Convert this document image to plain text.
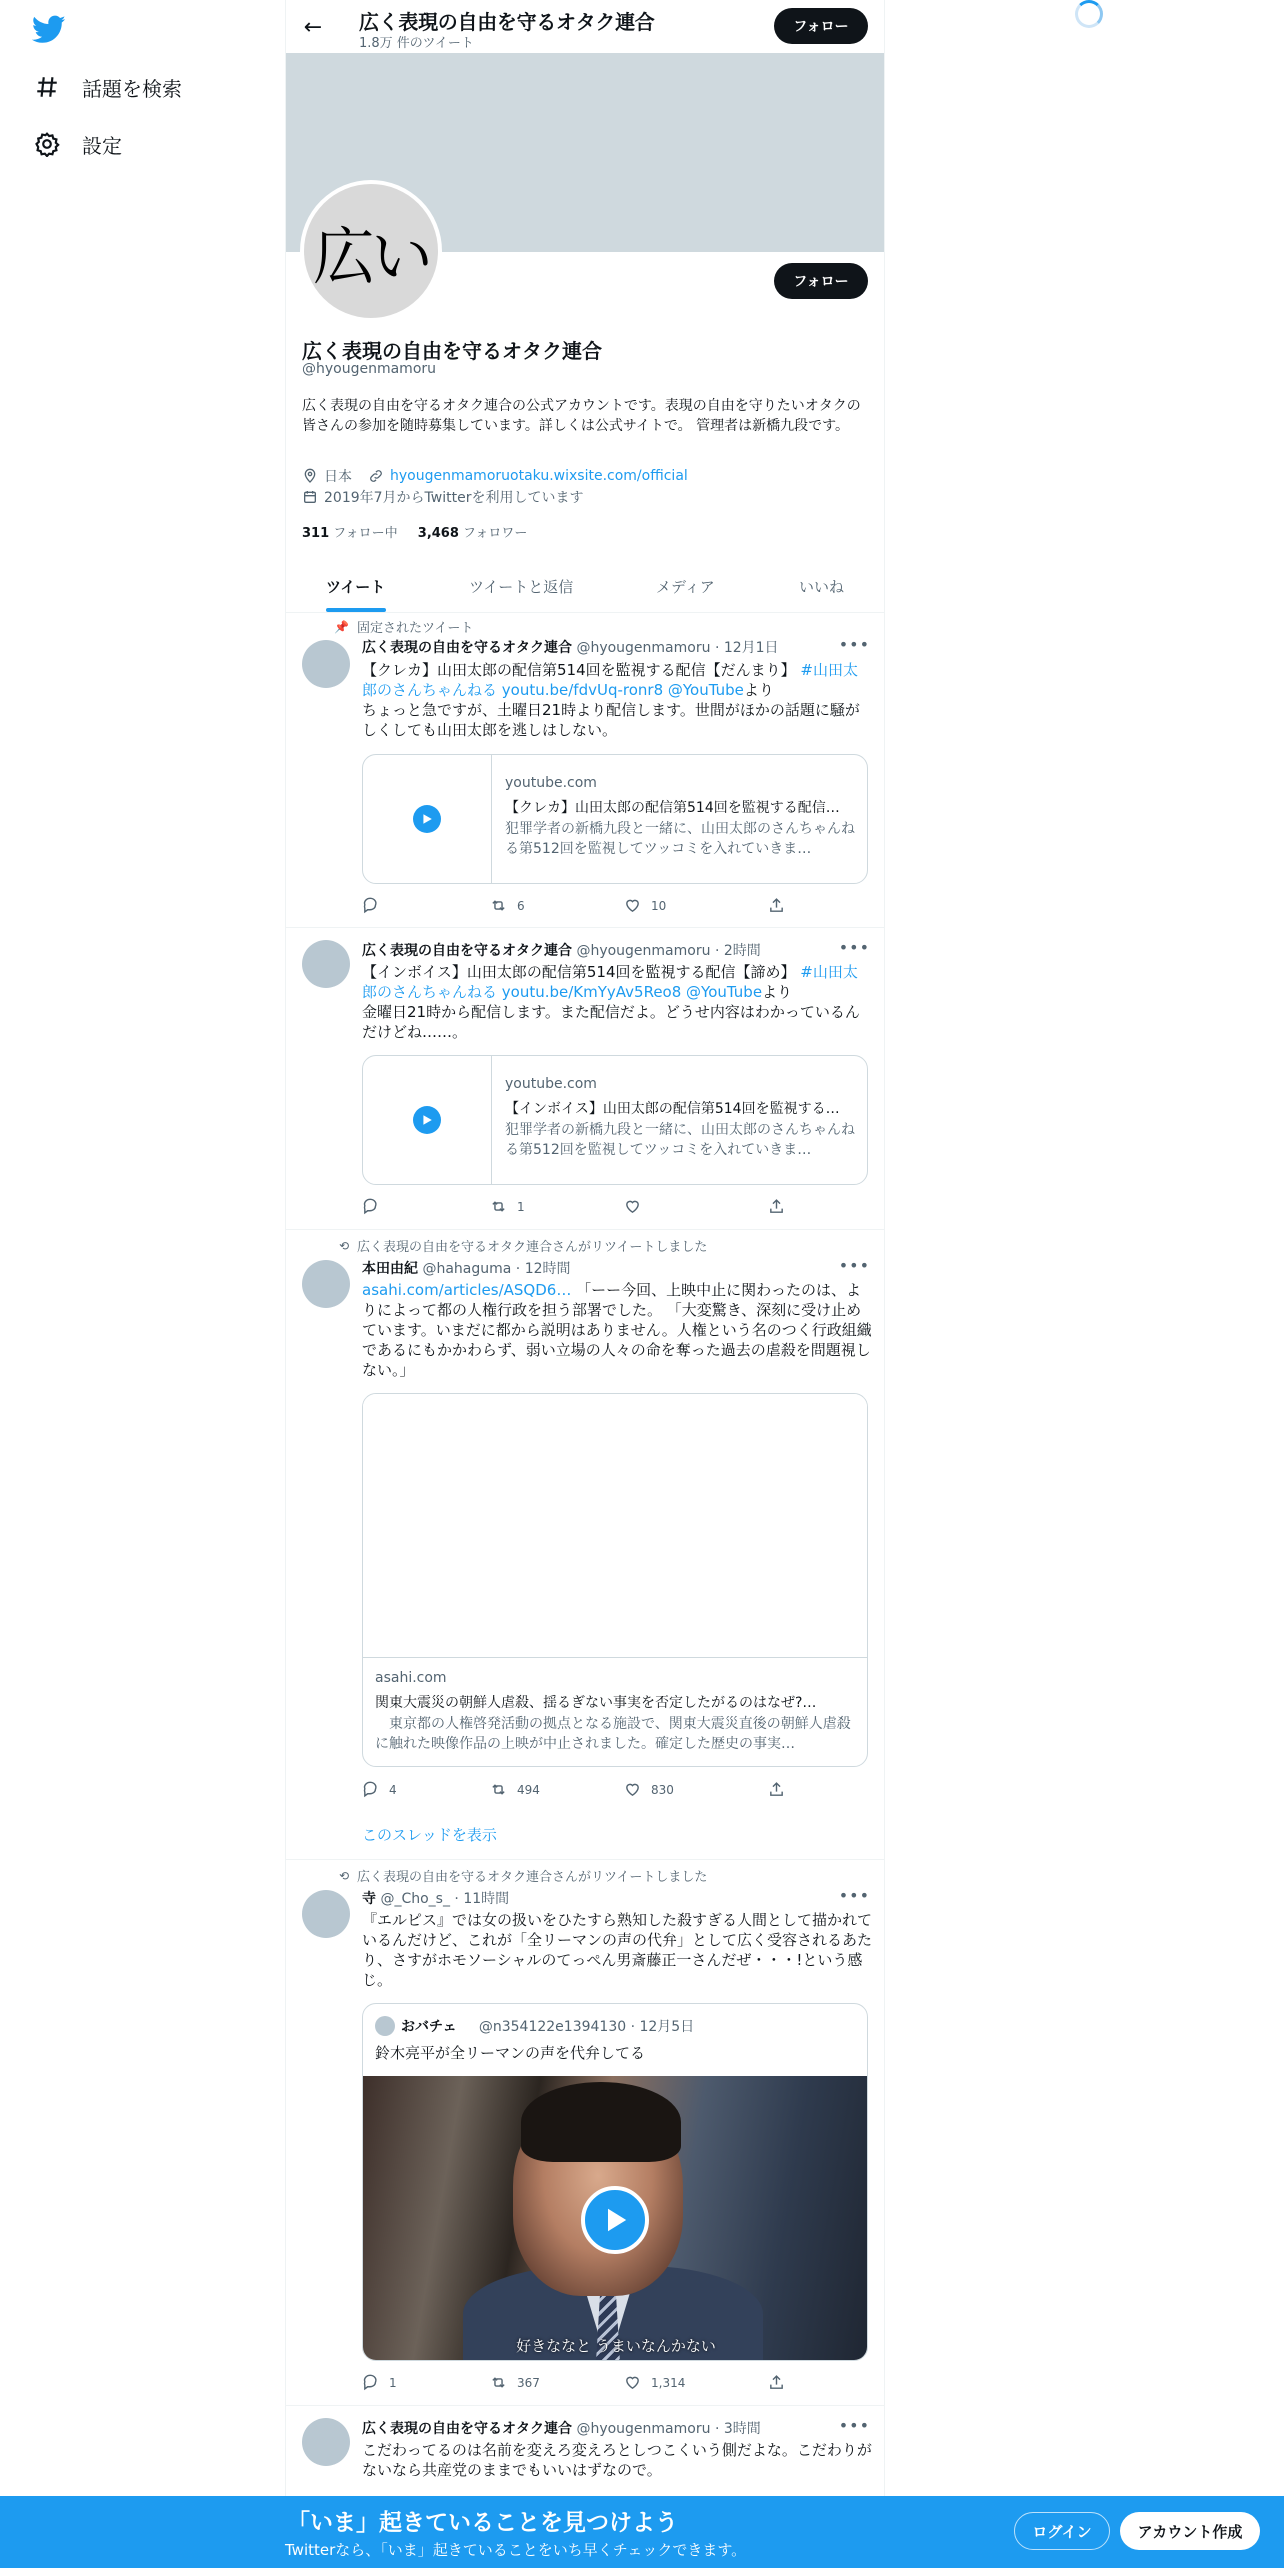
話題を検索
設定
← 広く表現の自由を守るオタク連合
1.8万 件のツイート
フォロー
広い	フォロー
広く表現の自由を守るオタク連合
@hyougenmamoru
広く表現の自由を守るオタク連合の公式アカウントです。表現の自由を守りたいオタクの皆さんの参加を随時募集しています。詳しくは公式サイトで。 管理者は新橋九段です。
日本	hyougenmamoruotaku.wixsite.com/official
2019年7月からTwitterを利用しています
311 フォロー中 3,468 フォロワー
ツイート	ツイートと返信	メディア	いいね
📌 固定されたツイート
広く表現の自由を守るオタク連合 @hyougenmamoru · 12月1日	•••
【クレカ】山田太郎の配信第514回を監視する配信【だんまり】 #山田太郎のさんちゃんねる youtu.be/fdvUq-ronr8 @YouTubeより
ちょっと急ですが、土曜日21時より配信します。世間がほかの話題に騒がしくしても山田太郎を逃しはしない。
youtube.com
【クレカ】山田太郎の配信第514回を監視する配信…
犯罪学者の新橋九段と一緒に、山田太郎のさんちゃんねる第512回を監視してツッコミを入れていきま…
6	10
広く表現の自由を守るオタク連合 @hyougenmamoru · 2時間	•••
【インボイス】山田太郎の配信第514回を監視する配信【諦め】 #山田太郎のさんちゃんねる youtu.be/KmYyAv5Reo8 @YouTubeより
金曜日21時から配信します。また配信だよ。どうせ内容はわかっているんだけどね……。
youtube.com
【インボイス】山田太郎の配信第514回を監視する…
犯罪学者の新橋九段と一緒に、山田太郎のさんちゃんねる第512回を監視してツッコミを入れていきま…
1
⟲ 広く表現の自由を守るオタク連合さんがリツイートしました
本田由紀 @hahaguma · 12時間	•••
asahi.com/articles/ASQD6… 「ーー今回、上映中止に関わったのは、よりによって都の人権行政を担う部署でした。 「大変驚き、深刻に受け止めています。いまだに都から説明はありません。人権という名のつく行政組織であるにもかかわらず、弱い立場の人々の命を奪った過去の虐殺を問題視しない。」
asahi.com
関東大震災の朝鮮人虐殺、揺るぎない事実を否定したがるのはなぜ?…
東京都の人権啓発活動の拠点となる施設で、関東大震災直後の朝鮮人虐殺に触れた映像作品の上映が中止されました。確定した歴史の事実…
4	494	830
このスレッドを表示
⟲ 広く表現の自由を守るオタク連合さんがリツイートしました
寺 @_Cho_s_ · 11時間	•••
『エルピス』では女の扱いをひたすら熟知した殺すぎる人間として描かれているんだけど、これが「全リーマンの声の代弁」として広く受容されるあたり、さすがホモソーシャルのてっぺん男斎藤正一さんだぜ・・・!という感じ。
おバチェ @n354122e1394130 · 12月5日
鈴木亮平が全リーマンの声を代弁してる
好きななと うまいなんかない
1	367	1,314
広く表現の自由を守るオタク連合 @hyougenmamoru · 3時間	•••
こだわってるのは名前を変えろ変えろとしつこくいう側だよな。こだわりがないなら共産党のままでもいいはずなので。
「いま」起きていることを見つけよう
Twitterなら、「いま」起きていることをいち早くチェックできます。
ログイン	アカウント作成
